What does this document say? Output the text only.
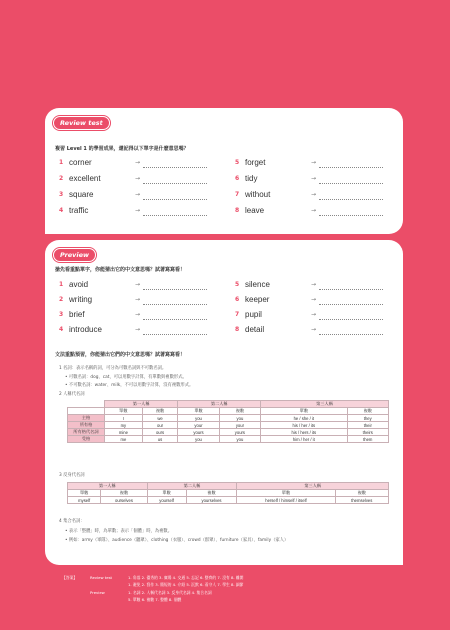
Review test
複習 Level 1 的學習成果，還記得以下單字是什麼意思嗎？
1 corner	→
2 excellent	→
3 square	→
4 traffic	→
5 forget	→
6 tidy	→
7 without	→
8 leave	→
Preview
搶先看重點單字，你能猜出它的中文意思嗎？試著寫寫看！
1 avoid	→
2 writing	→
3 brief	→
4 introduce	→
5 silence	→
6 keeper	→
7 pupil	→
8 detail	→
文法重點預習，你能猜出它們的中文意思嗎？試著寫寫看！
1 名詞：表示名稱的詞，可分為可數名詞與不可數名詞。
• 可數名詞：dog、cat，可以用數字計算，有單數與複數形式。
• 不可數名詞：water、milk，不可以用數字計算，沒有複數形式。
2 人稱代名詞
	第一人稱		第二人稱		第三人稱	
	單數	複數	單數	複數	單數	複數
主格	I	we	you	you	he / she / it	they
所有格	my	our	your	your	his / her / its	their
所有格代名詞	mine	ours	yours	yours	his / hers / its	theirs
受格	me	us	you	you	him / her / it	them
3 反身代名詞
第一人稱		第二人稱		第三人稱	
單數	複數	單數	複數	單數	複數
myself	ourselves	yourself	yourselves	herself / himself / itself	themselves
4 集合名詞：
• 表示「整體」時，為單數；表示「個體」時，為複數。
• 例如：army（軍隊）、audience（聽眾）、clothing（衣服）、crowd（群眾）、furniture（家具）、family（家人）
【答案】	Review test	1. 角落 2. 優秀的 3. 廣場 4. 交通 5. 忘記 6. 整齊的 7. 沒有 8. 離開
1. 避免 2. 寫作 3. 簡短的 4. 介紹 5. 沉默 6. 看守人 7. 學生 8. 細節
Preview	1. 名詞 2. 人稱代名詞 3. 反身代名詞 4. 集合名詞
5. 單數 6. 複數 7. 整體 8. 個體
